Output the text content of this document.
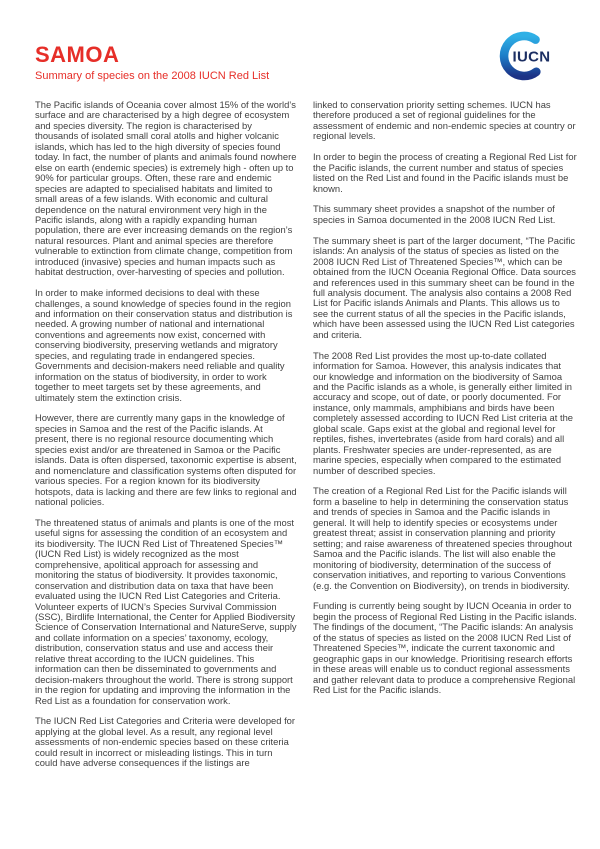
SAMOA
Summary of species on the 2008 IUCN Red List
IUCN

The Pacific islands of Oceania cover almost 15% of the world’s surface and are characterised by a high degree of ecosystem and species diversity. The region is characterised by thousands of isolated small coral atolls and higher volcanic islands, which has led to the high diversity of species found today. In fact, the number of plants and animals found nowhere else on earth (endemic species) is extremely high - often up to 90% for particular groups. Often, these rare and endemic species are adapted to specialised habitats and limited to small areas of a few islands. With economic and cultural dependence on the natural environment very high in the Pacific islands, along with a rapidly expanding human population, there are ever increasing demands on the region’s natural resources. Plant and animal species are therefore vulnerable to extinction from climate change, competition from introduced (invasive) species and human impacts such as habitat destruction, over-harvesting of species and pollution.

In order to make informed decisions to deal with these challenges, a sound knowledge of species found in the region and information on their conservation status and distribution is needed. A growing number of national and international conventions and agreements now exist, concerned with conserving biodiversity, preserving wetlands and migratory species, and regulating trade in endangered species. Governments and decision-makers need reliable and quality information on the status of biodiversity, in order to work together to meet targets set by these agreements, and ultimately stem the extinction crisis.

However, there are currently many gaps in the knowledge of species in Samoa and the rest of the Pacific islands. At present, there is no regional resource documenting which species exist and/or are threatened in Samoa or the Pacific islands. Data is often dispersed, taxonomic expertise is absent, and nomenclature and classification systems often disputed for various species. For a region known for its biodiversity hotspots, data is lacking and there are few links to regional and national policies.

The threatened status of animals and plants is one of the most useful signs for assessing the condition of an ecosystem and its biodiversity. The IUCN Red List of Threatened Species™ (IUCN Red List) is widely recognized as the most comprehensive, apolitical approach for assessing and monitoring the status of biodiversity. It provides taxonomic, conservation and distribution data on taxa that have been evaluated using the IUCN Red List Categories and Criteria. Volunteer experts of IUCN’s Species Survival Commission (SSC), Birdlife International, the Center for Applied Biodiversity Science of Conservation International and NatureServe, supply and collate information on a species’ taxonomy, ecology, distribution, conservation status and use and access their relative threat according to the IUCN guidelines. This information can then be disseminated to governments and decision-makers throughout the world. There is strong support in the region for updating and improving the information in the Red List as a foundation for conservation work.

The IUCN Red List Categories and Criteria were developed for applying at the global level. As a result, any regional level assessments of non-endemic species based on these criteria could result in incorrect or misleading listings. This in turn could have adverse consequences if the listings are

linked to conservation priority setting schemes. IUCN has therefore produced a set of regional guidelines for the assessment of endemic and non-endemic species at country or regional levels.

In order to begin the process of creating a Regional Red List for the Pacific islands, the current number and status of species listed on the Red List and found in the Pacific islands must be known.

This summary sheet provides a snapshot of the number of species in Samoa documented in the 2008 IUCN Red List.

The summary sheet is part of the larger document, “The Pacific islands: An analysis of the status of species as listed on the 2008 IUCN Red List of Threatened Species™, which can be obtained from the IUCN Oceania Regional Office. Data sources and references used in this summary sheet can be found in the full analysis document. The analysis also contains a 2008 Red List for Pacific islands Animals and Plants. This allows us to see the current status of all the species in the Pacific islands, which have been assessed using the IUCN Red List categories and criteria.

The 2008 Red List provides the most up-to-date collated information for Samoa. However, this analysis indicates that our knowledge and information on the biodiversity of Samoa and the Pacific islands as a whole, is generally either limited in accuracy and scope, out of date, or poorly documented. For instance, only mammals, amphibians and birds have been completely assessed according to IUCN Red List criteria at the global scale. Gaps exist at the global and regional level for reptiles, fishes, invertebrates (aside from hard corals) and all plants. Freshwater species are under-represented, as are marine species, especially when compared to the estimated number of described species.

The creation of a Regional Red List for the Pacific islands will form a baseline to help in determining the conservation status and trends of species in Samoa and the Pacific islands in general. It will help to identify species or ecosystems under greatest threat; assist in conservation planning and priority setting; and raise awareness of threatened species throughout Samoa and the Pacific islands. The list will also enable the monitoring of biodiversity, determination of the success of conservation initiatives, and reporting to various Conventions (e.g. the Convention on Biodiversity), on trends in biodiversity.

Funding is currently being sought by IUCN Oceania in order to begin the process of Regional Red Listing in the Pacific islands. The findings of the document, “The Pacific islands: An analysis of the status of species as listed on the 2008 IUCN Red List of Threatened Species™, indicate the current taxonomic and geographic gaps in our knowledge. Prioritising research efforts in these areas will enable us to conduct regional assessments and gather relevant data to produce a comprehensive Regional Red List for the Pacific islands.
